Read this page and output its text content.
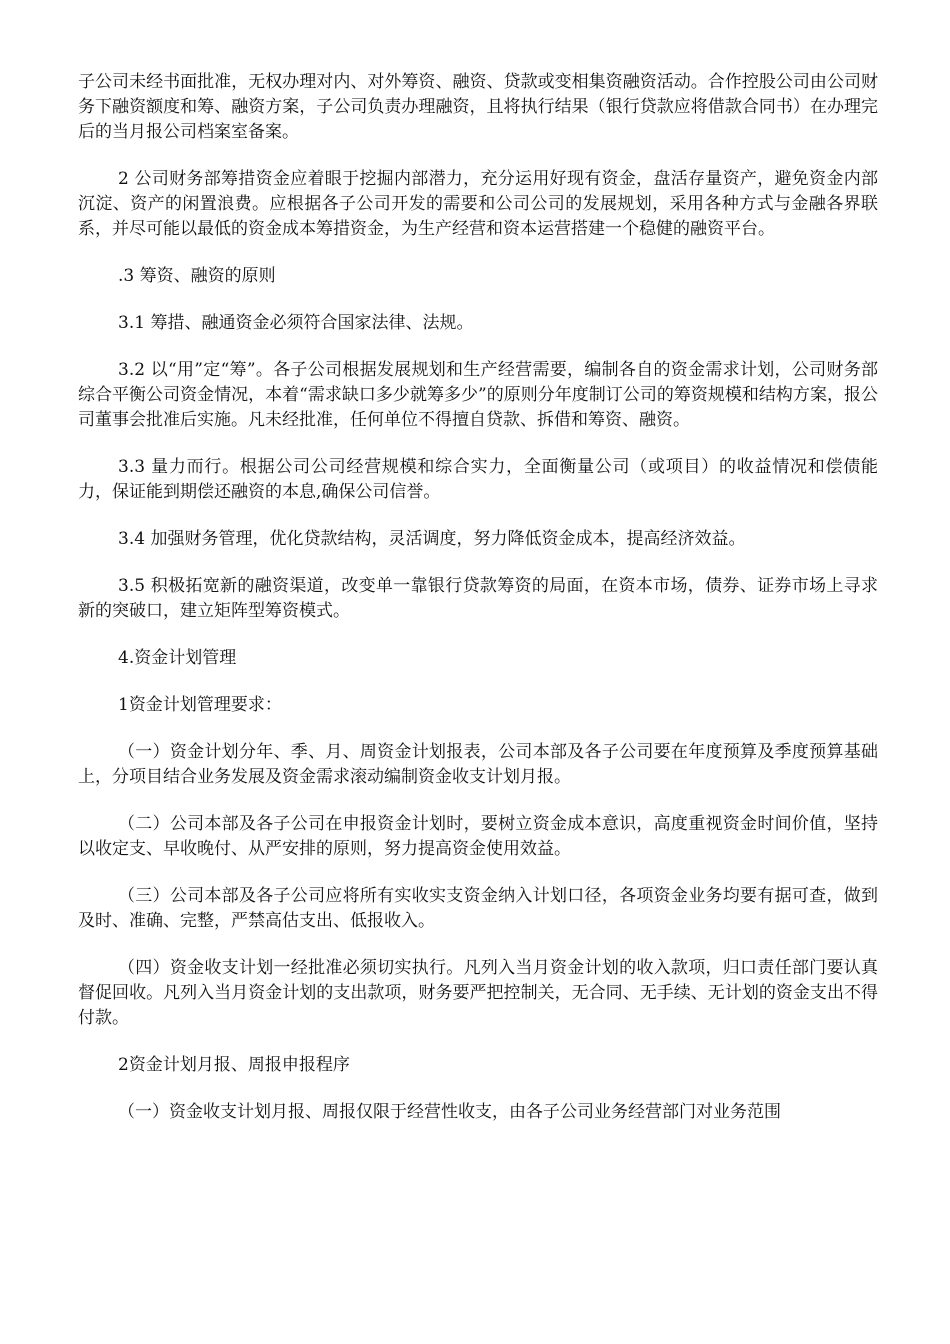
子公司未经书面批准，无权办理对内、对外筹资、融资、贷款或变相集资融资活动。合作控股公司由公司财务下融资额度和筹、融资方案，子公司负责办理融资，且将执行结果（银行贷款应将借款合同书）在办理完后的当月报公司档案室备案。

2 公司财务部筹措资金应着眼于挖掘内部潜力，充分运用好现有资金，盘活存量资产，避免资金内部沉淀、资产的闲置浪费。应根据各子公司开发的需要和公司公司的发展规划，采用各种方式与金融各界联系，并尽可能以最低的资金成本筹措资金，为生产经营和资本运营搭建一个稳健的融资平台。

.3 筹资、融资的原则

3.1 筹措、融通资金必须符合国家法律、法规。

3.2 以“用”定“筹”。各子公司根据发展规划和生产经营需要，编制各自的资金需求计划，公司财务部综合平衡公司资金情况，本着“需求缺口多少就筹多少”的原则分年度制订公司的筹资规模和结构方案，报公司董事会批准后实施。凡未经批准，任何单位不得擅自贷款、拆借和筹资、融资。

3.3 量力而行。根据公司公司经营规模和综合实力，全面衡量公司（或项目）的收益情况和偿债能力，保证能到期偿还融资的本息,确保公司信誉。

3.4 加强财务管理，优化贷款结构，灵活调度，努力降低资金成本，提高经济效益。

3.5 积极拓宽新的融资渠道，改变单一靠银行贷款筹资的局面，在资本市场，债券、证券市场上寻求新的突破口，建立矩阵型筹资模式。

4.资金计划管理

1资金计划管理要求：

（一）资金计划分年、季、月、周资金计划报表，公司本部及各子公司要在年度预算及季度预算基础上，分项目结合业务发展及资金需求滚动编制资金收支计划月报。

（二）公司本部及各子公司在申报资金计划时，要树立资金成本意识，高度重视资金时间价值，坚持以收定支、早收晚付、从严安排的原则，努力提高资金使用效益。

（三）公司本部及各子公司应将所有实收实支资金纳入计划口径，各项资金业务均要有据可查，做到及时、准确、完整，严禁高估支出、低报收入。

（四）资金收支计划一经批准必须切实执行。凡列入当月资金计划的收入款项，归口责任部门要认真督促回收。凡列入当月资金计划的支出款项，财务要严把控制关，无合同、无手续、无计划的资金支出不得付款。

2资金计划月报、周报申报程序

（一）资金收支计划月报、周报仅限于经营性收支，由各子公司业务经营部门对业务范围
